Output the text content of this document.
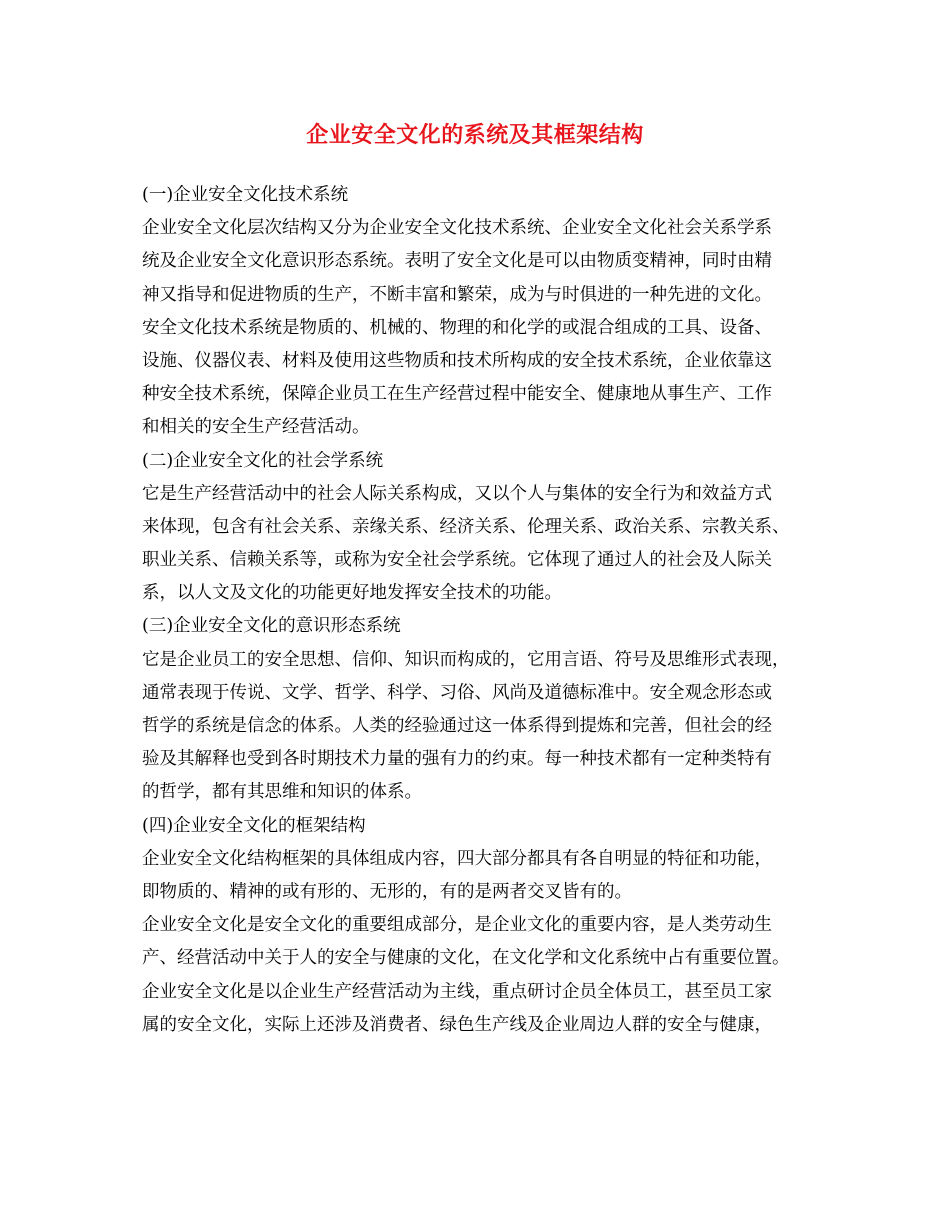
企业安全文化的系统及其框架结构
(一)企业安全文化技术系统
企业安全文化层次结构又分为企业安全文化技术系统、企业安全文化社会关系学系
统及企业安全文化意识形态系统。表明了安全文化是可以由物质变精神，同时由精
神又指导和促进物质的生产，不断丰富和繁荣，成为与时俱进的一种先进的文化。
安全文化技术系统是物质的、机械的、物理的和化学的或混合组成的工具、设备、
设施、仪器仪表、材料及使用这些物质和技术所构成的安全技术系统，企业依靠这
种安全技术系统，保障企业员工在生产经营过程中能安全、健康地从事生产、工作
和相关的安全生产经营活动。
(二)企业安全文化的社会学系统
它是生产经营活动中的社会人际关系构成，又以个人与集体的安全行为和效益方式
来体现，包含有社会关系、亲缘关系、经济关系、伦理关系、政治关系、宗教关系、
职业关系、信赖关系等，或称为安全社会学系统。它体现了通过人的社会及人际关
系，以人文及文化的功能更好地发挥安全技术的功能。
(三)企业安全文化的意识形态系统
它是企业员工的安全思想、信仰、知识而构成的，它用言语、符号及思维形式表现，
通常表现于传说、文学、哲学、科学、习俗、风尚及道德标准中。安全观念形态或
哲学的系统是信念的体系。人类的经验通过这一体系得到提炼和完善，但社会的经
验及其解释也受到各时期技术力量的强有力的约束。每一种技术都有一定种类特有
的哲学，都有其思维和知识的体系。
(四)企业安全文化的框架结构
企业安全文化结构框架的具体组成内容，四大部分都具有各自明显的特征和功能，
即物质的、精神的或有形的、无形的，有的是两者交叉皆有的。
企业安全文化是安全文化的重要组成部分，是企业文化的重要内容，是人类劳动生
产、经营活动中关于人的安全与健康的文化，在文化学和文化系统中占有重要位置。
企业安全文化是以企业生产经营活动为主线，重点研讨企员全体员工，甚至员工家
属的安全文化，实际上还涉及消费者、绿色生产线及企业周边人群的安全与健康，
